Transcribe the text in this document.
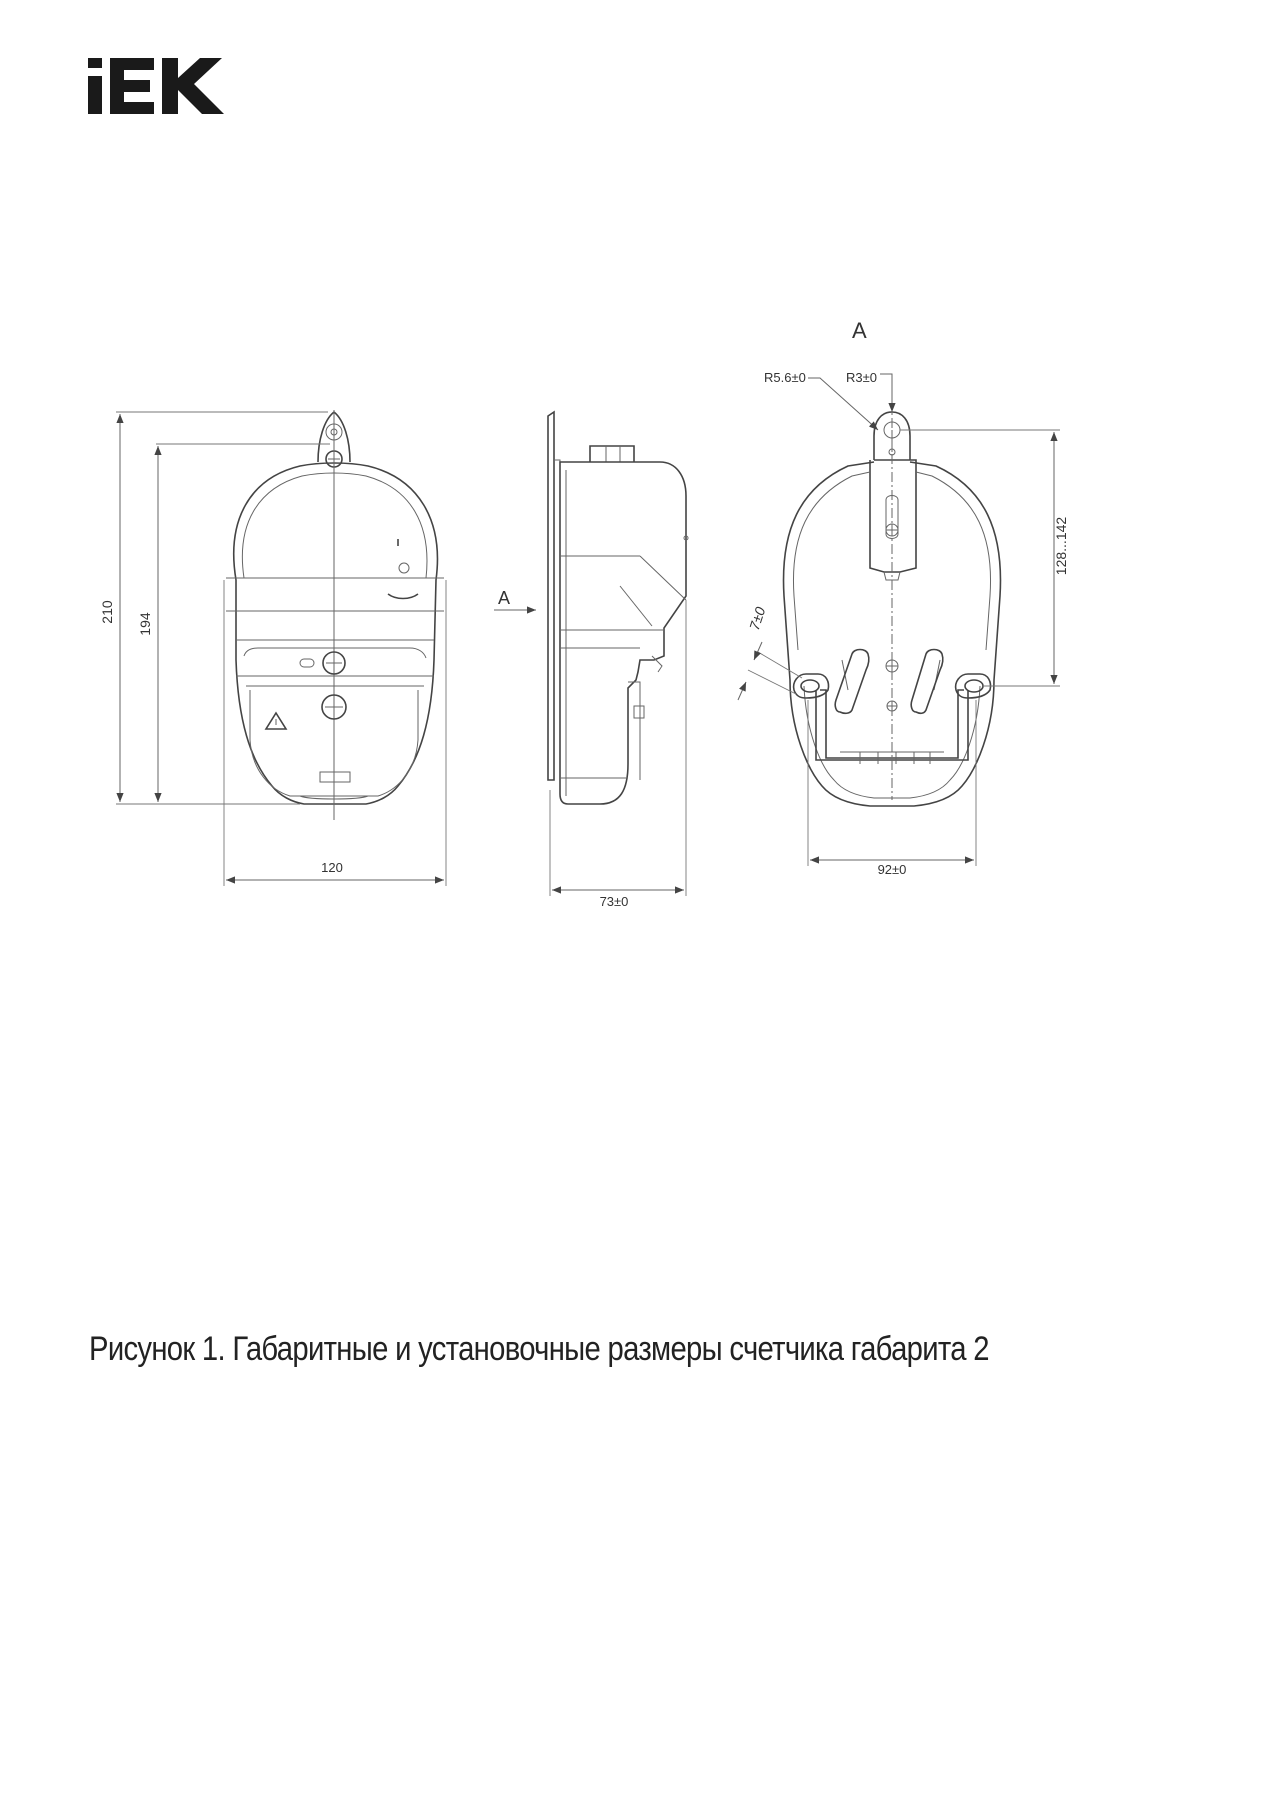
210
194
120
A
73±0
A
R5.6±0	R3±0
128...142
7±0
92±0

Рисунок 1. Габаритные и установочные размеры счетчика габарита 2
